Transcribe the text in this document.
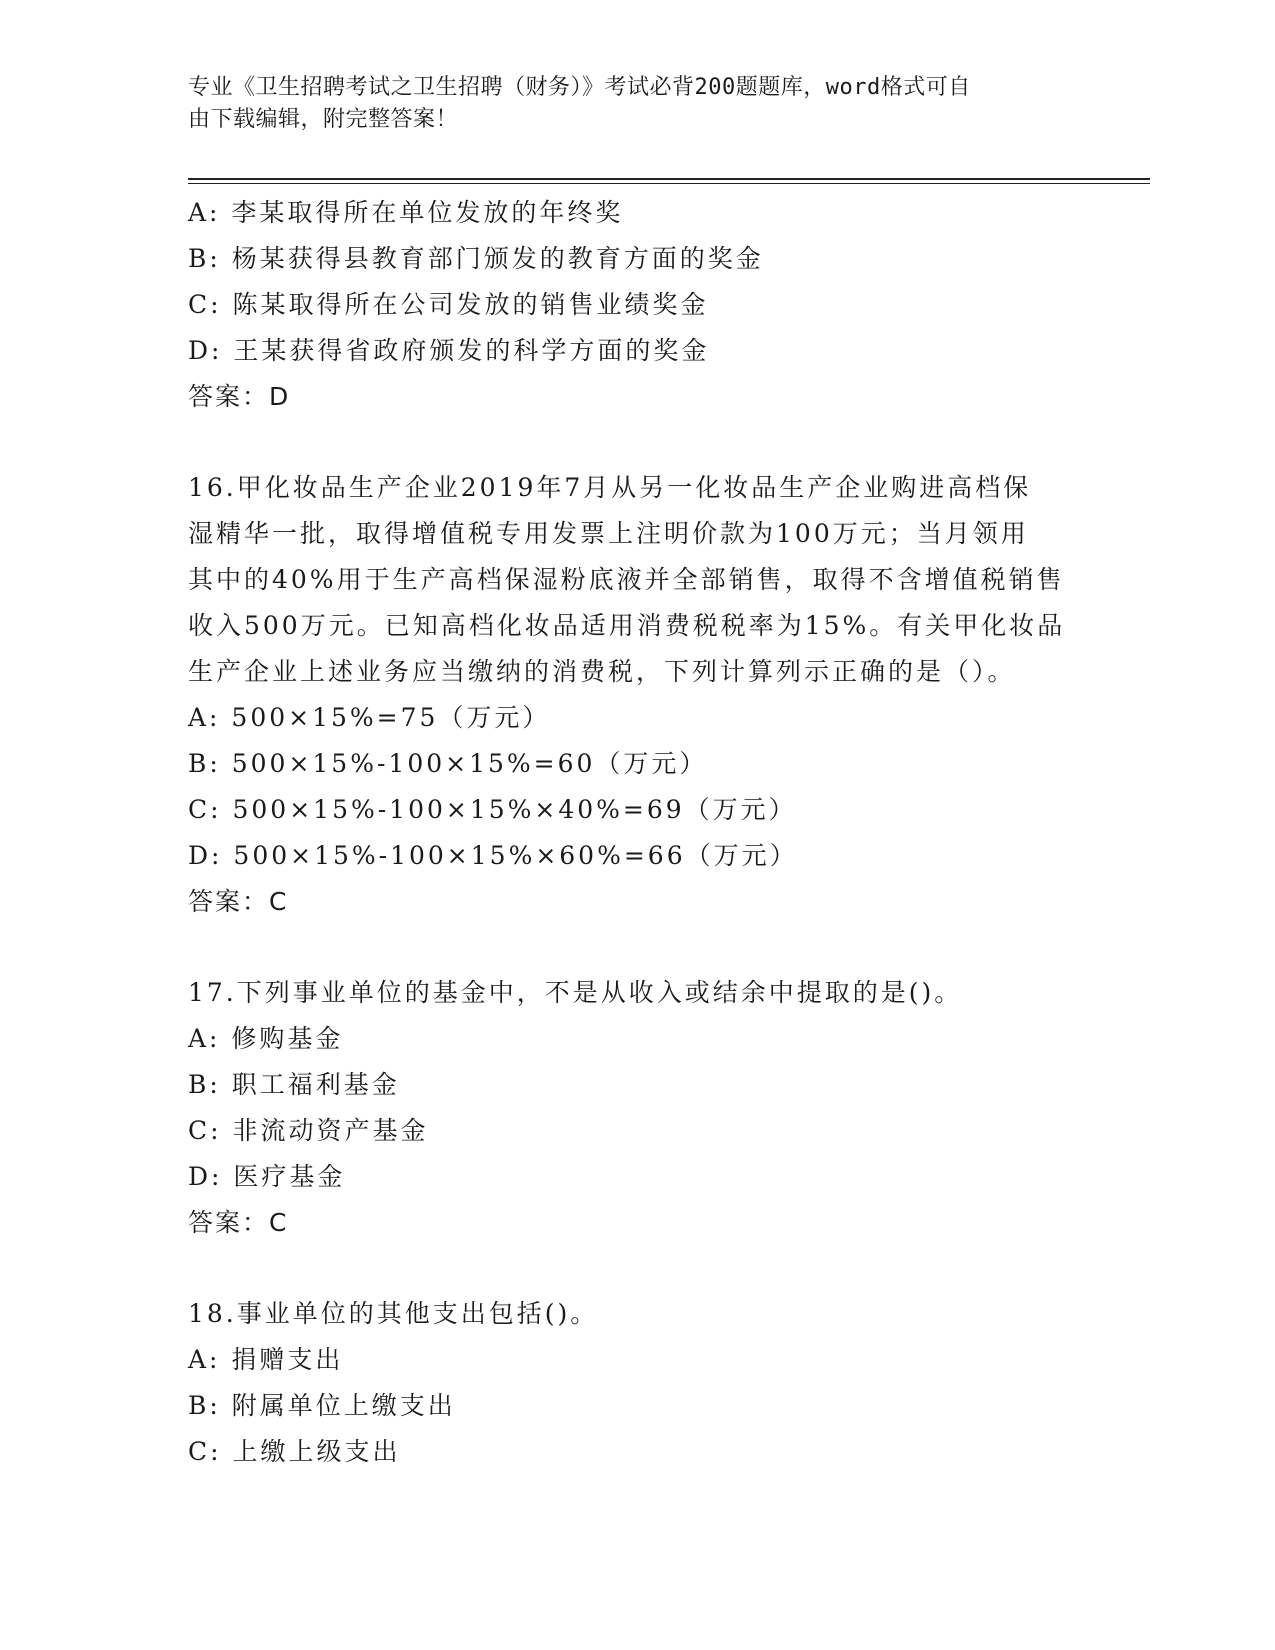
专业《卫生招聘考试之卫生招聘（财务）》考试必背200题题库，word格式可自
由下载编辑，附完整答案！
A: 李某取得所在单位发放的年终奖
B: 杨某获得县教育部门颁发的教育方面的奖金
C: 陈某取得所在公司发放的销售业绩奖金
D: 王某获得省政府颁发的科学方面的奖金
答案：D
16.甲化妆品生产企业2019年7月从另一化妆品生产企业购进高档保
湿精华一批，取得增值税专用发票上注明价款为100万元；当月领用
其中的40%用于生产高档保湿粉底液并全部销售，取得不含增值税销售
收入500万元。已知高档化妆品适用消费税税率为15%。有关甲化妆品
生产企业上述业务应当缴纳的消费税，下列计算列示正确的是（）。
A: 500×15%=75（万元）
B: 500×15%-100×15%=60（万元）
C: 500×15%-100×15%×40%=69（万元）
D: 500×15%-100×15%×60%=66（万元）
答案：C
17.下列事业单位的基金中，不是从收入或结余中提取的是()。
A: 修购基金
B: 职工福利基金
C: 非流动资产基金
D: 医疗基金
答案：C
18.事业单位的其他支出包括()。
A: 捐赠支出
B: 附属单位上缴支出
C: 上缴上级支出
